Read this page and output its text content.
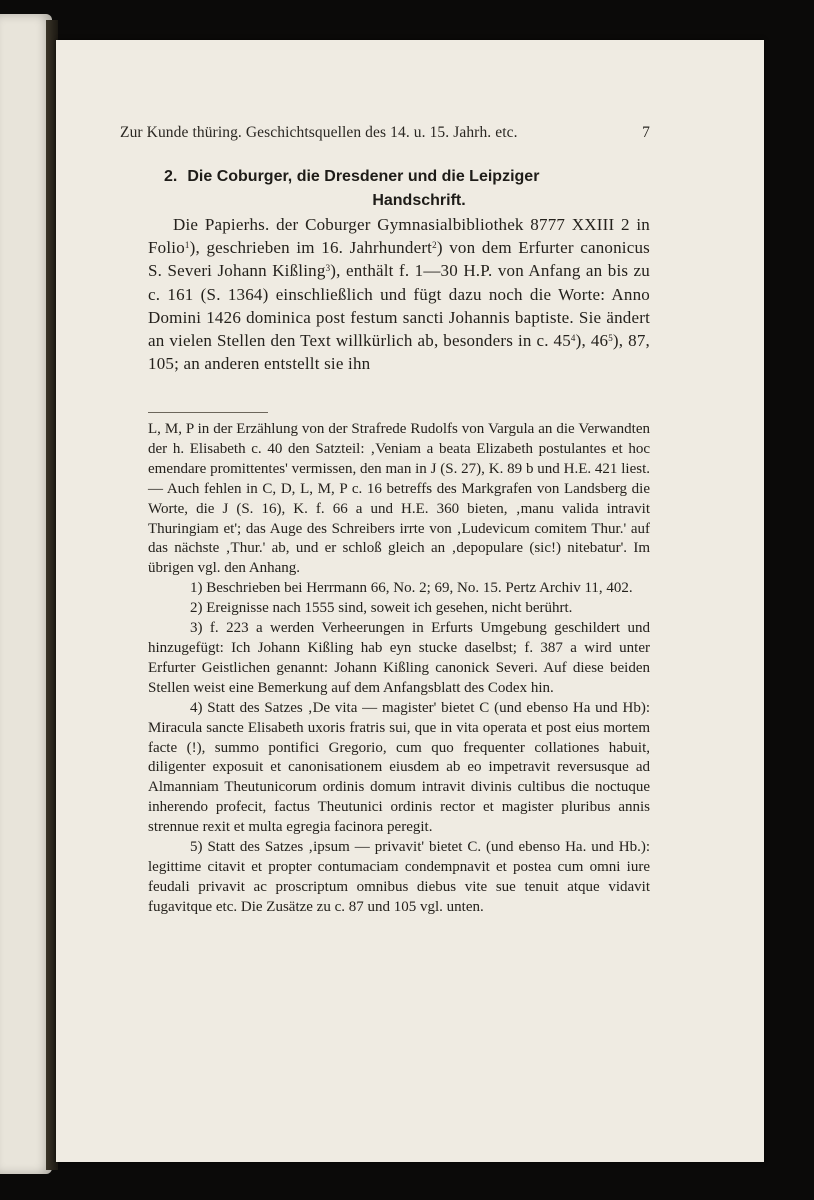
Zur Kunde thüring. Geschichtsquellen des 14. u. 15. Jahrh. etc.	7
2. Die Coburger, die Dresdener und die Leipziger
Handschrift.

Die Papierhs. der Coburger Gymnasialbibliothek 8777 XXIII 2 in Folio$^1$), geschrieben im 16. Jahrhundert$^2$) von dem Erfurter canonicus S. Severi Johann Kißling$^3$), enthält f. 1—30 H.P. von Anfang an bis zu c. 161 (S. 1364) einschließlich und fügt dazu noch die Worte: Anno Domini 1426 dominica post festum sancti Johannis baptiste. Sie ändert an vielen Stellen den Text willkürlich ab, besonders in c. $45^4$), $46^5$), 87, 105; an anderen entstellt sie ihn

L, M, P in der Erzählung von der Strafrede Rudolfs von Vargula an die Verwandten der h. Elisabeth c. 40 den Satzteil: ‚Veniam a beata Elizabeth postulantes et hoc emendare promittentes' vermissen, den man in J (S. 27), K. 89 b und H.E. 421 liest. — Auch fehlen in C, D, L, M, P c. 16 betreffs des Markgrafen von Landsberg die Worte, die J (S. 16), K. f. 66 a und H.E. 360 bieten, ‚manu valida intravit Thuringiam et'; das Auge des Schreibers irrte von ‚Ludevicum comitem Thur.' auf das nächste ‚Thur.' ab, und er schloß gleich an ‚depopulare (sic!) nitebatur'. Im übrigen vgl. den Anhang.

1) Beschrieben bei Herrmann 66, No. 2; 69, No. 15. Pertz Archiv 11, 402.

2) Ereignisse nach 1555 sind, soweit ich gesehen, nicht berührt.

3) f. 223 a werden Verheerungen in Erfurts Umgebung geschildert und hinzugefügt: Ich Johann Kißling hab eyn stucke daselbst; f. 387 a wird unter Erfurter Geistlichen genannt: Johann Kißling canonick Severi. Auf diese beiden Stellen weist eine Bemerkung auf dem Anfangsblatt des Codex hin.

4) Statt des Satzes ‚De vita — magister' bietet C (und ebenso Ha und Hb): Miracula sancte Elisabeth uxoris fratris sui, que in vita operata et post eius mortem facte (!), summo pontifici Gregorio, cum quo frequenter collationes habuit, diligenter exposuit et canonisationem eiusdem ab eo impetravit reversusque ad Almanniam Theutunicorum ordinis domum intravit divinis cultibus die noctuque inherendo profecit, factus Theutunici ordinis rector et magister pluribus annis strennue rexit et multa egregia facinora peregit.

5) Statt des Satzes ‚ipsum — privavit' bietet C. (und ebenso Ha. und Hb.): legittime citavit et propter contumaciam condempnavit et postea cum omni iure feudali privavit ac proscriptum omnibus diebus vite sue tenuit atque vidavit fugavitque etc. Die Zusätze zu c. 87 und 105 vgl. unten.
